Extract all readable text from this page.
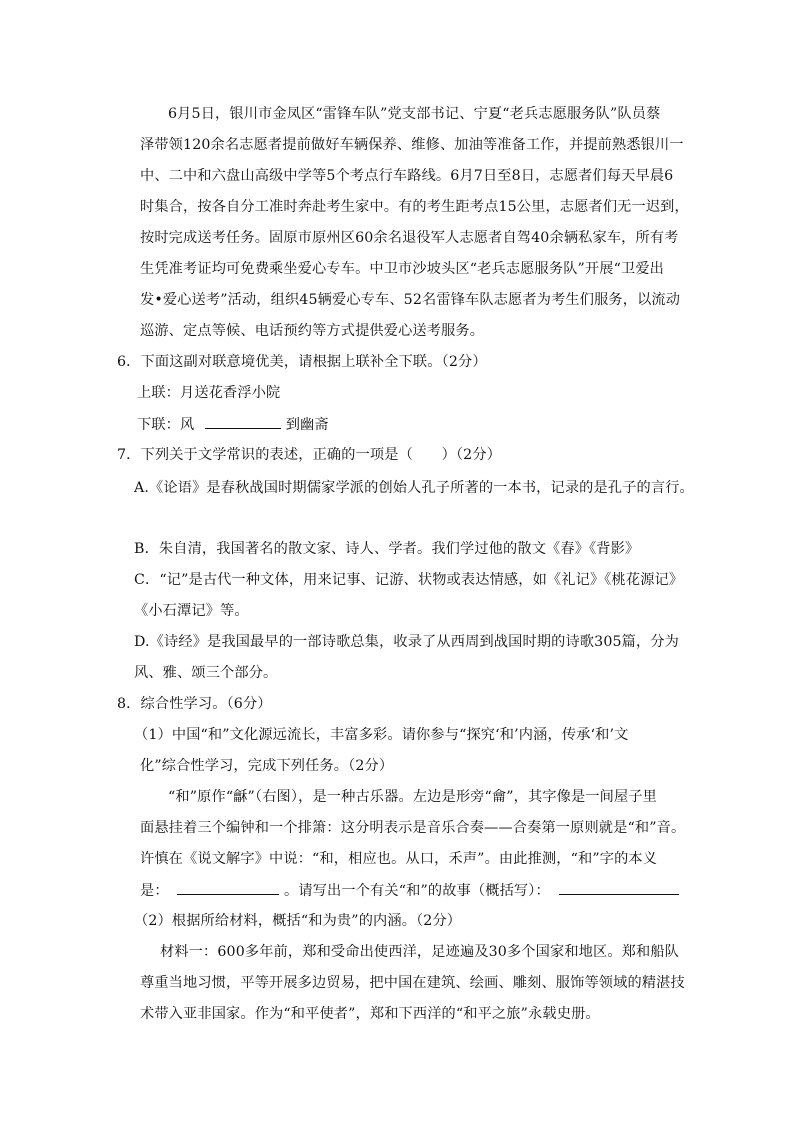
6月5日，银川市金凤区“雷锋车队”党支部书记、宁夏“老兵志愿服务队”队员蔡
泽带领120余名志愿者提前做好车辆保养、维修、加油等准备工作，并提前熟悉银川一
中、二中和六盘山高级中学等5个考点行车路线。6月7日至8日，志愿者们每天早晨6
时集合，按各自分工准时奔赴考生家中。有的考生距考点15公里，志愿者们无一迟到，
按时完成送考任务。固原市原州区60余名退役军人志愿者自驾40余辆私家车，所有考
生凭准考证均可免费乘坐爱心专车。中卫市沙坡头区“老兵志愿服务队”开展“卫爱出
发•爱心送考”活动，组织45辆爱心专车、52名雷锋车队志愿者为考生们服务，以流动
巡游、定点等候、电话预约等方式提供爱心送考服务。
6．下面这副对联意境优美，请根据上联补全下联。（2分）
上联：月送花香浮小院
下联：风	到幽斋
7．下列关于文学常识的表述，正确的一项是（　　）（2分）
A.《论语》是春秋战国时期儒家学派的创始人孔子所著的一本书，记录的是孔子的言行。
B．朱自清，我国著名的散文家、诗人、学者。我们学过他的散文《春》《背影》
C．“记”是古代一种文体，用来记事、记游、状物或表达情感，如《礼记》《桃花源记》
《小石潭记》等。
D.《诗经》是我国最早的一部诗歌总集，收录了从西周到战国时期的诗歌305篇，分为
风、雅、颂三个部分。
8．综合性学习。（6分）
（1）中国“和”文化源远流长，丰富多彩。请你参与“探究‘和’内涵，传承‘和’文
化”综合性学习，完成下列任务。（2分）
“和”原作“龢”（右图），是一种古乐器。左边是形旁“龠”，其字像是一间屋子里
面悬挂着三个编钟和一个排箫：这分明表示是音乐合奏——合奏第一原则就是“和”音。
许慎在《说文解字》中说：“和，相应也。从口，禾声”。由此推测，“和”字的本义
是：	。请写出一个有关“和”的故事（概括写）：
（2）根据所给材料，概括“和为贵”的内涵。（2分）
材料一：600多年前，郑和受命出使西洋，足迹遍及30多个国家和地区。郑和船队
尊重当地习惯，平等开展多边贸易，把中国在建筑、绘画、雕刻、服饰等领域的精湛技
术带入亚非国家。作为“和平使者”，郑和下西洋的“和平之旅”永载史册。
